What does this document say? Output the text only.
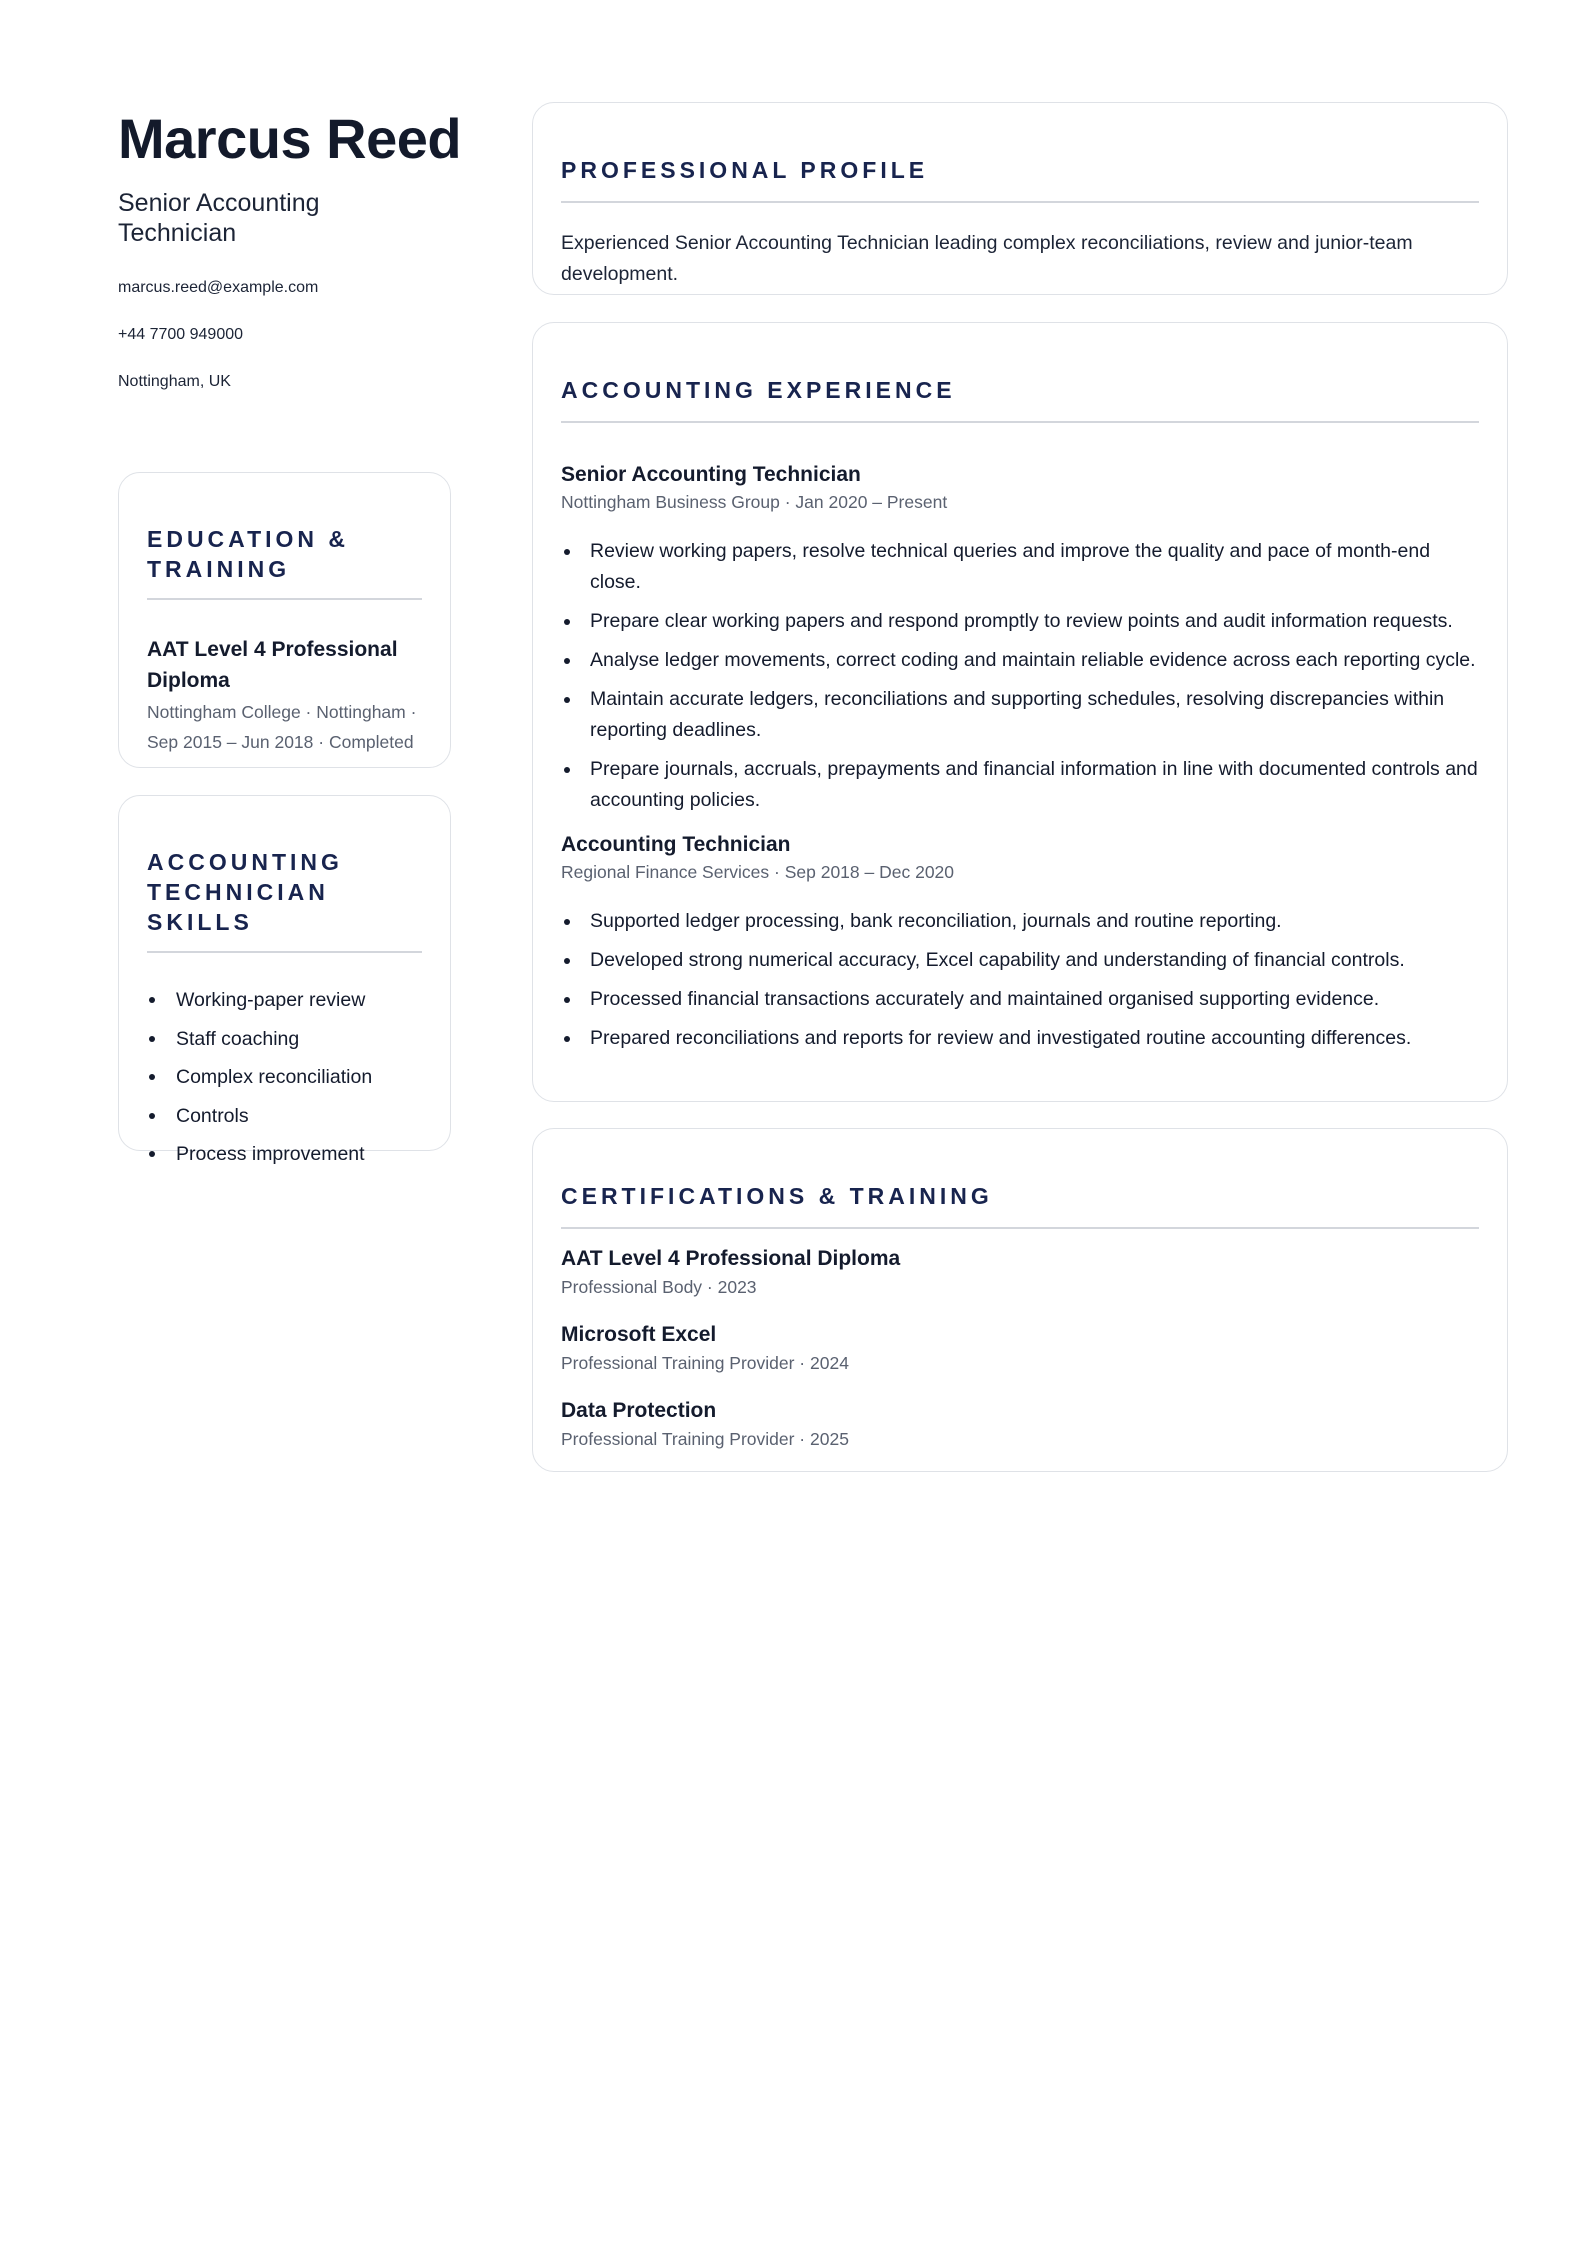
Marcus Reed
Senior Accounting Technician
marcus.reed@example.com
+44 7700 949000
Nottingham, UK
EDUCATION & TRAINING
AAT Level 4 Professional Diploma
Nottingham College · Nottingham · Sep 2015 – Jun 2018 · Completed
ACCOUNTING TECHNICIAN SKILLS
Working-paper review
Staff coaching
Complex reconciliation
Controls
Process improvement
PROFESSIONAL PROFILE
Experienced Senior Accounting Technician leading complex reconciliations, review and junior-team development.
ACCOUNTING EXPERIENCE
Senior Accounting Technician
Nottingham Business Group · Jan 2020 – Present
Review working papers, resolve technical queries and improve the quality and pace of month-end close.
Prepare clear working papers and respond promptly to review points and audit information requests.
Analyse ledger movements, correct coding and maintain reliable evidence across each reporting cycle.
Maintain accurate ledgers, reconciliations and supporting schedules, resolving discrepancies within reporting deadlines.
Prepare journals, accruals, prepayments and financial information in line with documented controls and accounting policies.
Accounting Technician
Regional Finance Services · Sep 2018 – Dec 2020
Supported ledger processing, bank reconciliation, journals and routine reporting.
Developed strong numerical accuracy, Excel capability and understanding of financial controls.
Processed financial transactions accurately and maintained organised supporting evidence.
Prepared reconciliations and reports for review and investigated routine accounting differences.
CERTIFICATIONS & TRAINING
AAT Level 4 Professional Diploma
Professional Body · 2023
Microsoft Excel
Professional Training Provider · 2024
Data Protection
Professional Training Provider · 2025
